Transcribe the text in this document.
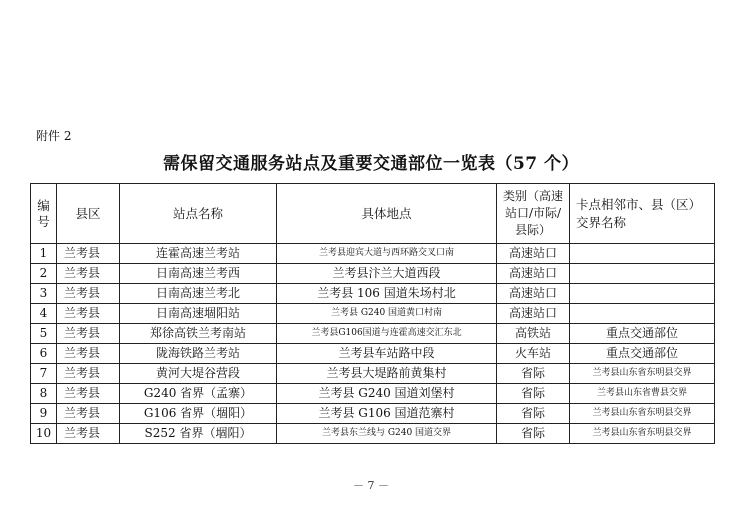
附件 2
需保留交通服务站点及重要交通部位一览表（57 个）
编
号	县区	站点名称	具体地点	类别（高速站口/市际/县际）	卡点相邻市、县（区）交界名称
1	兰考县	连霍高速兰考站	兰考县迎宾大道与西环路交叉口南	高速站口	
2	兰考县	日南高速兰考西	兰考县汴兰大道西段	高速站口	
3	兰考县	日南高速兰考北	兰考县 106 国道朱场村北	高速站口	
4	兰考县	日南高速堌阳站	兰考县 G240 国道黄口村南	高速站口	
5	兰考县	郑徐高铁兰考南站	兰考县G106国道与连霍高速交汇东北	高铁站	重点交通部位
6	兰考县	陇海铁路兰考站	兰考县车站路中段	火车站	重点交通部位
7	兰考县	黄河大堤谷营段	兰考县大堤路前黄集村	省际	兰考县山东省东明县交界
8	兰考县	G240 省界（孟寨）	兰考县 G240 国道刘堡村	省际	兰考县山东省曹县交界
9	兰考县	G106 省界（堌阳）	兰考县 G106 国道范寨村	省际	兰考县山东省东明县交界
10	兰考县	S252 省界（堌阳）	兰考县东兰线与 G240 国道交界	省际	兰考县山东省东明县交界
－ 7 －
